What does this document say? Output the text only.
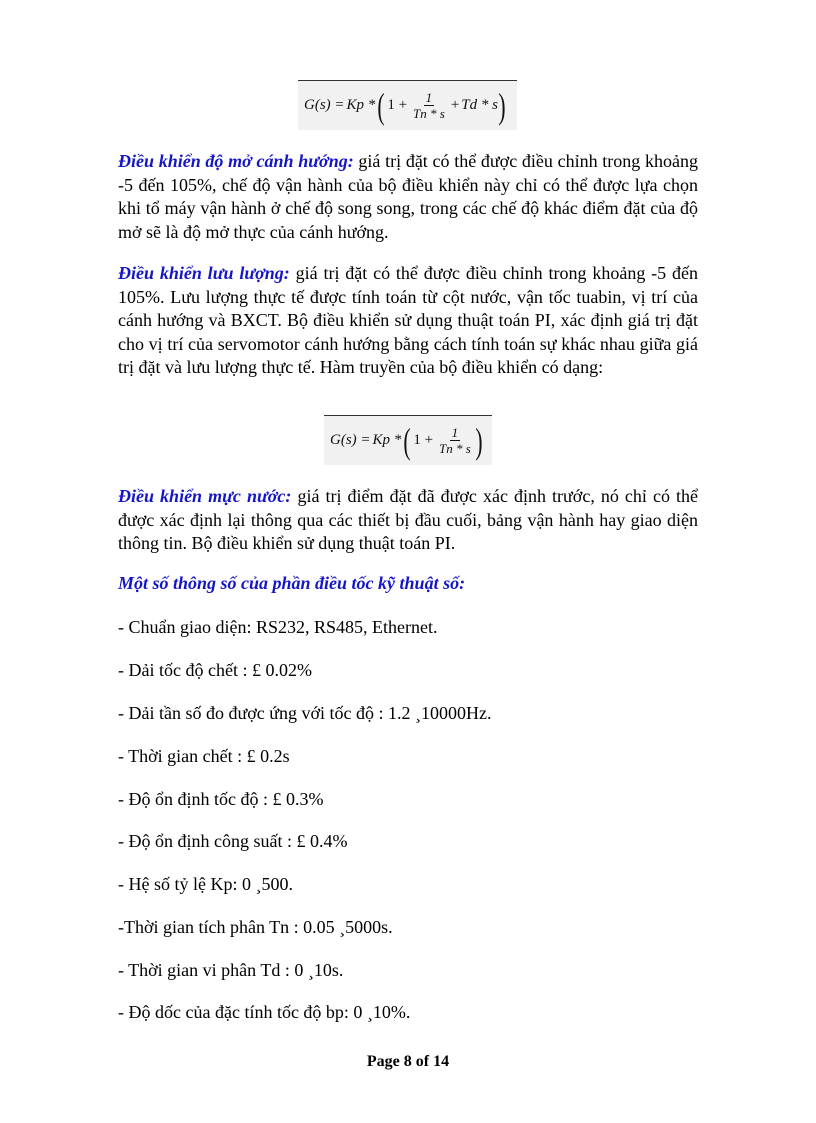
G(s) = Kp * ( $1 + \frac{1}{Tn * s} + Td * s$ )
Điều khiển độ mở cánh hướng: giá trị đặt có thể được điều chỉnh trong khoảng -5 đến 105%, chế độ vận hành của bộ điều khiển này chỉ có thể được lựa chọn khi tổ máy vận hành ở chế độ song song, trong các chế độ khác điểm đặt của độ mở sẽ là độ mở thực của cánh hướng.
Điều khiển lưu lượng: giá trị đặt có thể được điều chỉnh trong khoảng -5 đến 105%. Lưu lượng thực tế được tính toán từ cột nước, vận tốc tuabin, vị trí của cánh hướng và BXCT. Bộ điều khiển sử dụng thuật toán PI, xác định giá trị đặt cho vị trí của servomotor cánh hướng bằng cách tính toán sự khác nhau giữa giá trị đặt và lưu lượng thực tế. Hàm truyền của bộ điều khiển có dạng:
G(s) = Kp * ( $1 + \frac{1}{Tn * s}$ )
Điều khiển mực nước: giá trị điểm đặt đã được xác định trước, nó chỉ có thể được xác định lại thông qua các thiết bị đầu cuối, bảng vận hành hay giao diện thông tin. Bộ điều khiển sử dụng thuật toán PI.
Một số thông số của phần điều tốc kỹ thuật số:
- Chuẩn giao diện: RS232, RS485, Ethernet.
- Dải tốc độ chết : £ 0.02%
- Dải tần số đo được ứng với tốc độ : 1.2 ¸10000Hz.
- Thời gian chết : £ 0.2s
- Độ ổn định tốc độ : £ 0.3%
- Độ ổn định công suất : £ 0.4%
- Hệ số tỷ lệ Kp: 0 ¸500.
-Thời gian tích phân Tn : 0.05 ¸5000s.
- Thời gian vi phân Td : 0 ¸10s.
- Độ dốc của đặc tính tốc độ bp: 0 ¸10%.
Page 8 of 14
